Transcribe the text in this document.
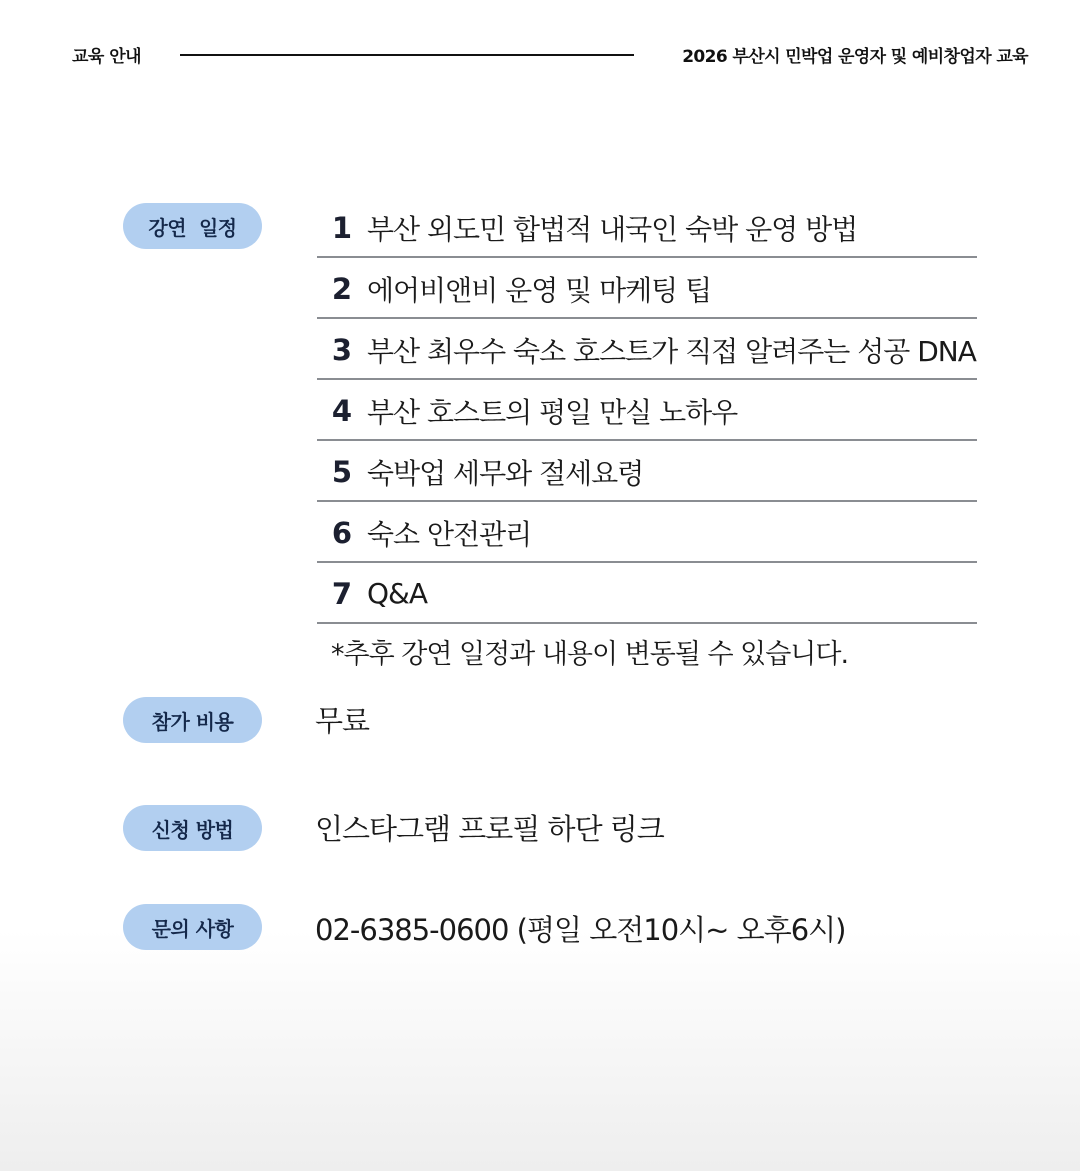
교육 안내	2026 부산시 민박업 운영자 및 예비창업자 교육
강연  일정	1 부산 외도민 합법적 내국인 숙박 운영 방법
2 에어비앤비 운영 및 마케팅 팁
3 부산 최우수 숙소 호스트가 직접 알려주는 성공 DNA
4 부산 호스트의 평일 만실 노하우
5 숙박업 세무와 절세요령
6 숙소 안전관리
7 Q&A
*추후 강연 일정과 내용이 변동될 수 있습니다.
참가 비용	무료
신청 방법	인스타그램 프로필 하단 링크
문의 사항	02-6385-0600 (평일 오전10시~ 오후6시)
